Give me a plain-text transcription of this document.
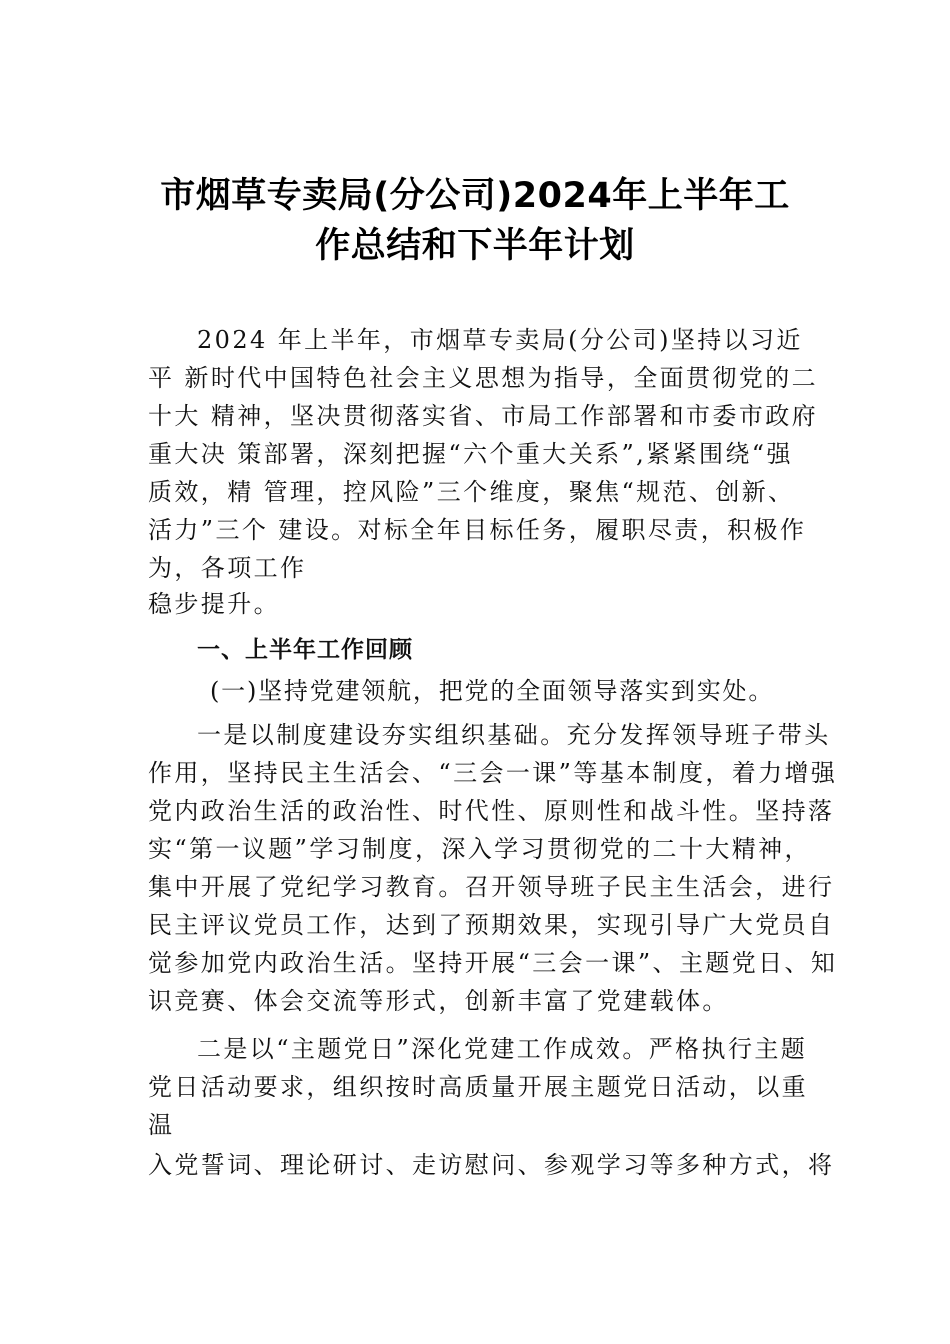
市烟草专卖局(分公司)2024年上半年工
作总结和下半年计划
2024 年上半年，市烟草专卖局(分公司)坚持以习近
平 新时代中国特色社会主义思想为指导，全面贯彻党的二
十大 精神，坚决贯彻落实省、市局工作部署和市委市政府
重大决 策部署，深刻把握“六个重大关系”,紧紧围绕“强
质效，精 管理，控风险”三个维度，聚焦“规范、创新、
活力”三个 建设。对标全年目标任务，履职尽责，积极作
为，各项工作
稳步提升。
一、上半年工作回顾
(一)坚持党建领航，把党的全面领导落实到实处。
一是以制度建设夯实组织基础。充分发挥领导班子带头
作用，坚持民主生活会、“三会一课”等基本制度，着力增强
党内政治生活的政治性、时代性、原则性和战斗性。坚持落
实“第一议题”学习制度，深入学习贯彻党的二十大精神，
集中开展了党纪学习教育。召开领导班子民主生活会，进行
民主评议党员工作，达到了预期效果，实现引导广大党员自
觉参加党内政治生活。坚持开展“三会一课”、主题党日、知
识竞赛、体会交流等形式，创新丰富了党建载体。
二是以“主题党日”深化党建工作成效。严格执行主题
党日活动要求，组织按时高质量开展主题党日活动，以重
温
入党誓词、理论研讨、走访慰问、参观学习等多种方式，将
